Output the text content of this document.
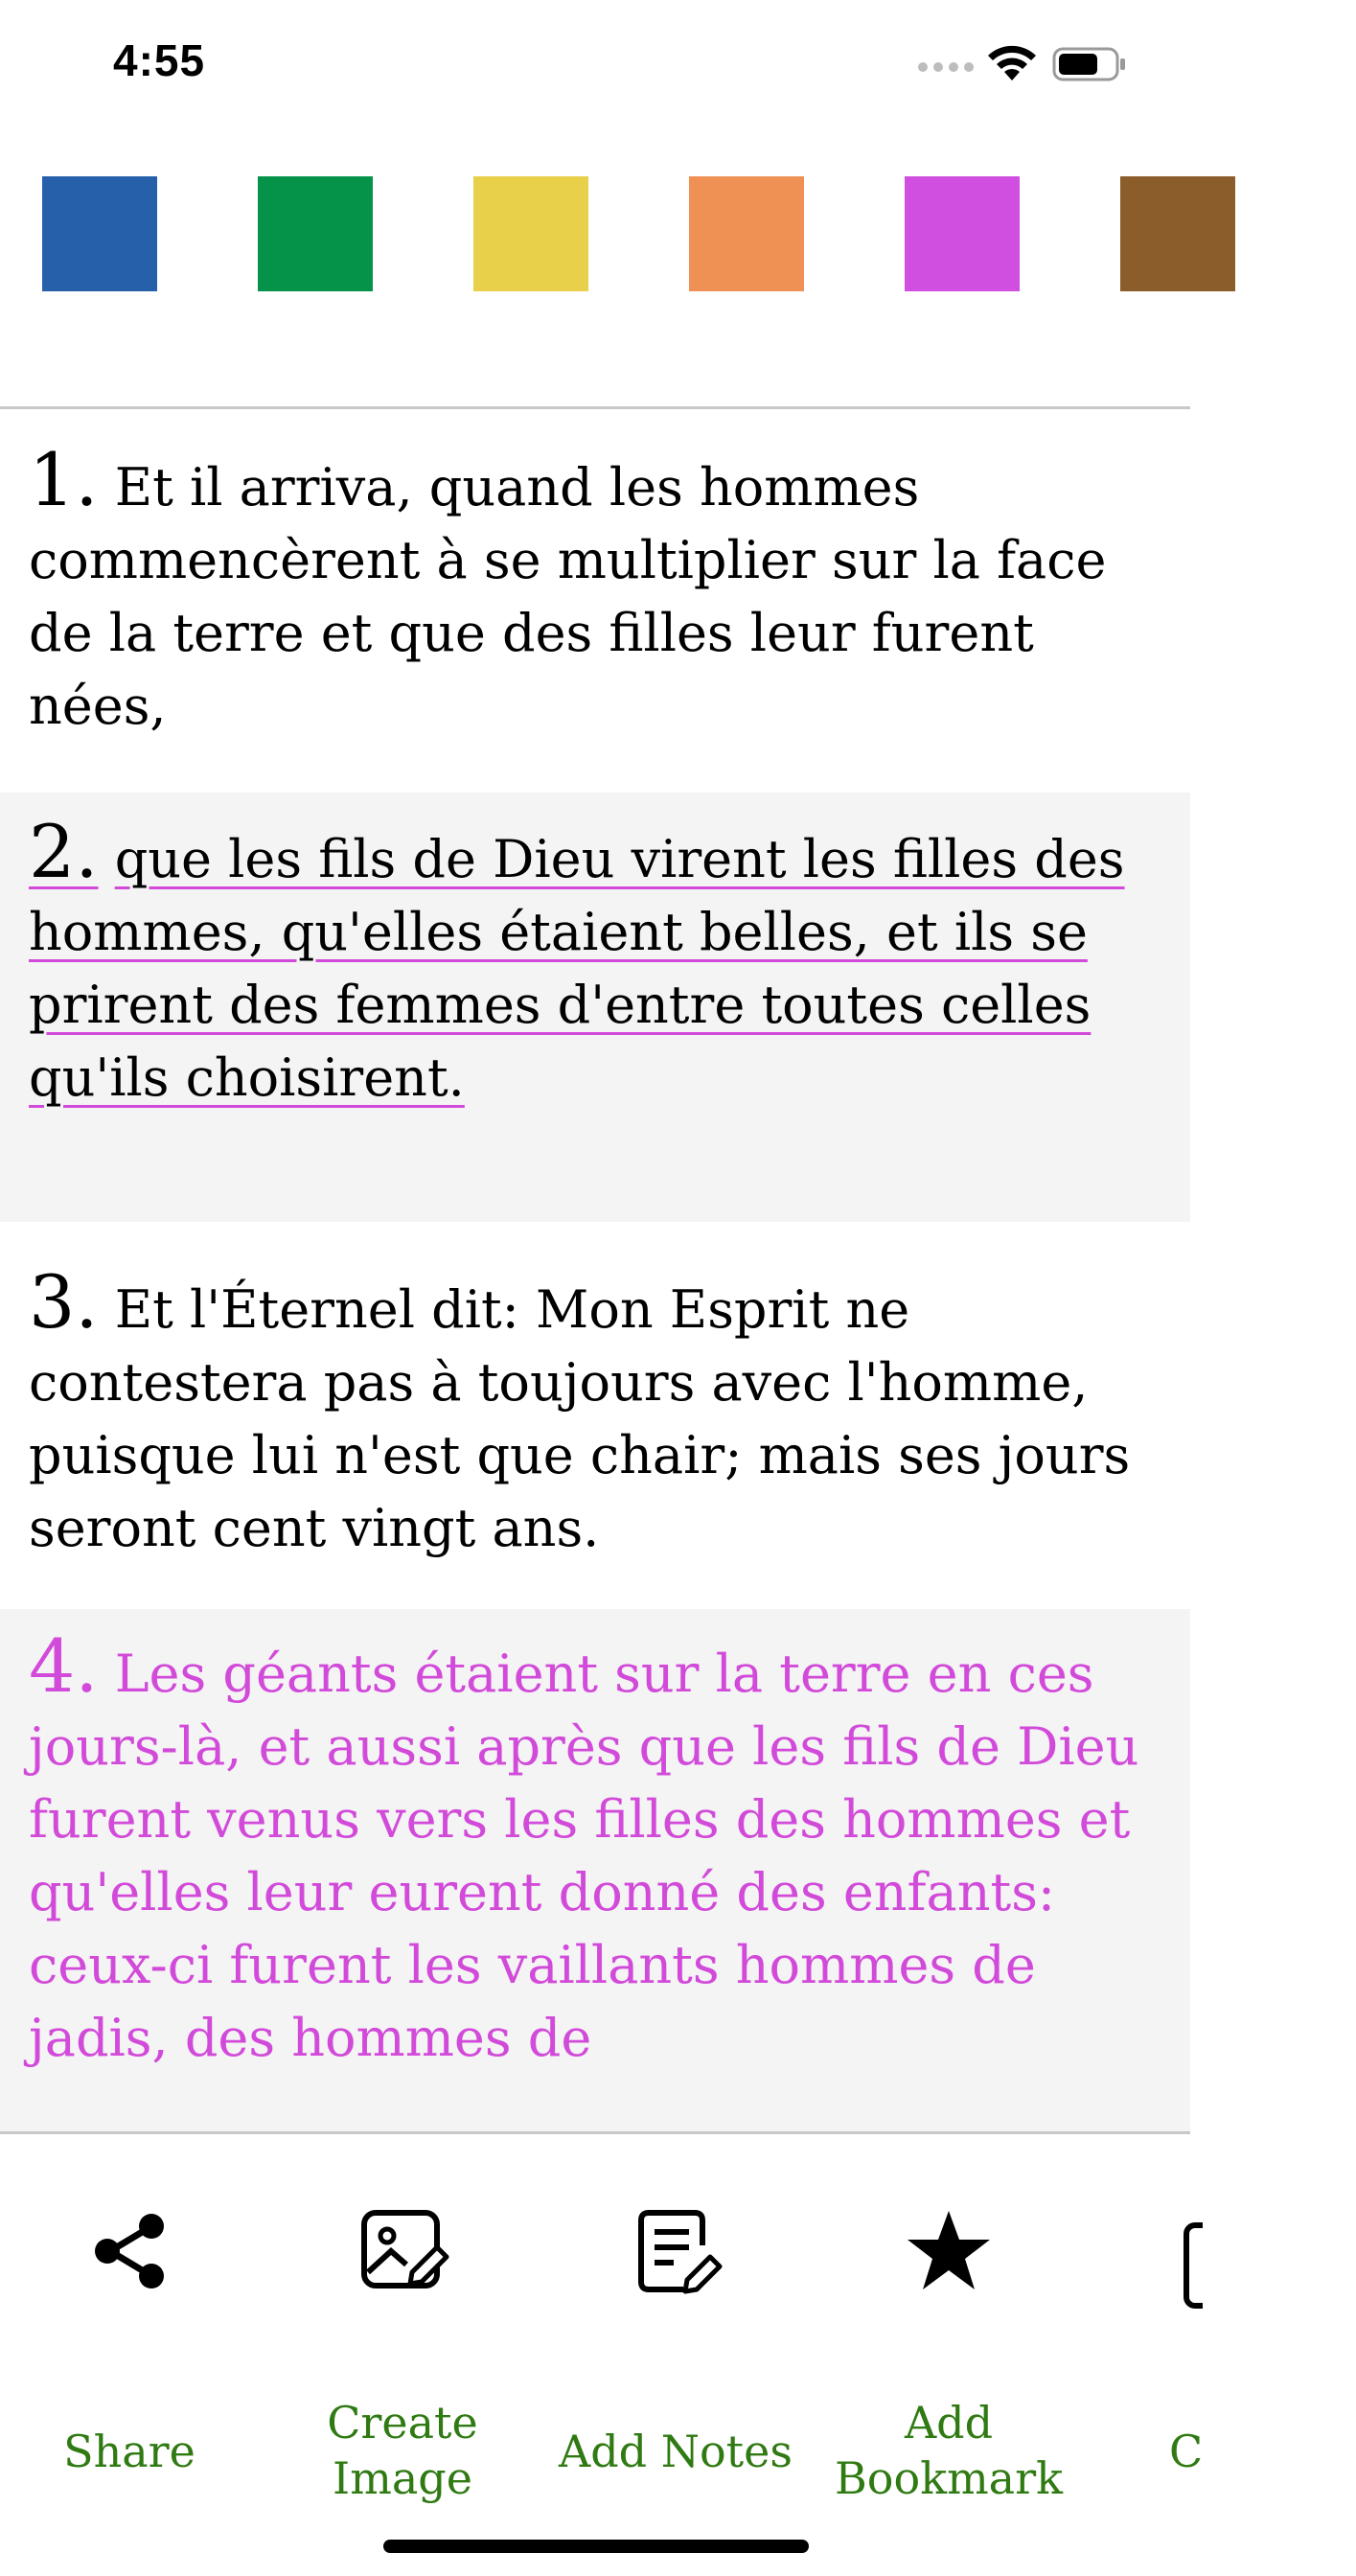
4:55

1. Et il arriva, quand les hommes commencèrent à se multiplier sur la face de la terre et que des filles leur furent nées,

2. que les fils de Dieu virent les filles des hommes, qu'elles étaient belles, et ils se prirent des femmes d'entre toutes celles qu'ils choisirent.

3. Et l'Éternel dit: Mon Esprit ne contestera pas à toujours avec l'homme, puisque lui n'est que chair; mais ses jours seront cent vingt ans.

4. Les géants étaient sur la terre en ces jours-là, et aussi après que les fils de Dieu furent venus vers les filles des hommes et qu'elles leur eurent donné des enfants: ceux-ci furent les vaillants hommes de jadis, des hommes de

Share
Create
Image
Add Notes
Add
Bookmark
C
